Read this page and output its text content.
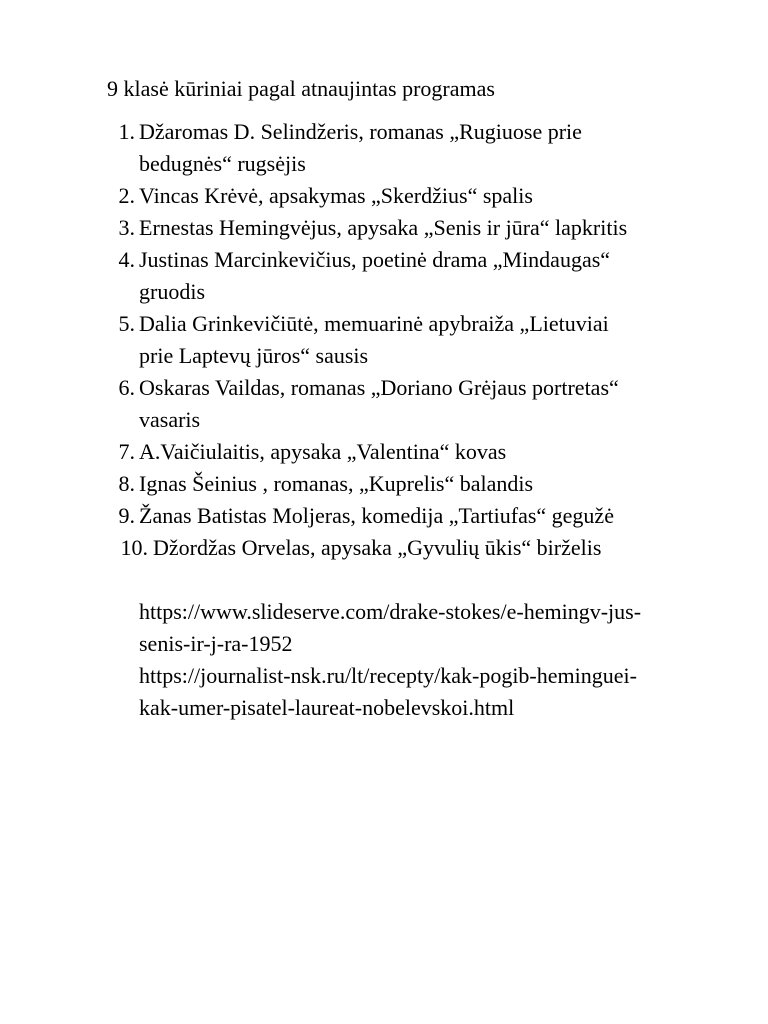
9 klasė kūriniai pagal atnaujintas programas
1. Džaromas D. Selindžeris, romanas „Rugiuose prie
bedugnės“ rugsėjis
2. Vincas Krėvė, apsakymas „Skerdžius“ spalis
3. Ernestas Hemingvėjus, apysaka „Senis ir jūra“ lapkritis
4. Justinas Marcinkevičius, poetinė drama „Mindaugas“
gruodis
5. Dalia Grinkevičiūtė, memuarinė apybraiža „Lietuviai
prie Laptevų jūros“ sausis
6. Oskaras Vaildas, romanas „Doriano Grėjaus portretas“
vasaris
7. A.Vaičiulaitis, apysaka „Valentina“ kovas
8. Ignas Šeinius , romanas, „Kuprelis“ balandis
9. Žanas Batistas Moljeras, komedija „Tartiufas“ gegužė
10. Džordžas Orvelas, apysaka „Gyvulių ūkis“ birželis
https://www.slideserve.com/drake-stokes/e-hemingv-jus-
senis-ir-j-ra-1952
https://journalist-nsk.ru/lt/recepty/kak-pogib-heminguei-
kak-umer-pisatel-laureat-nobelevskoi.html
